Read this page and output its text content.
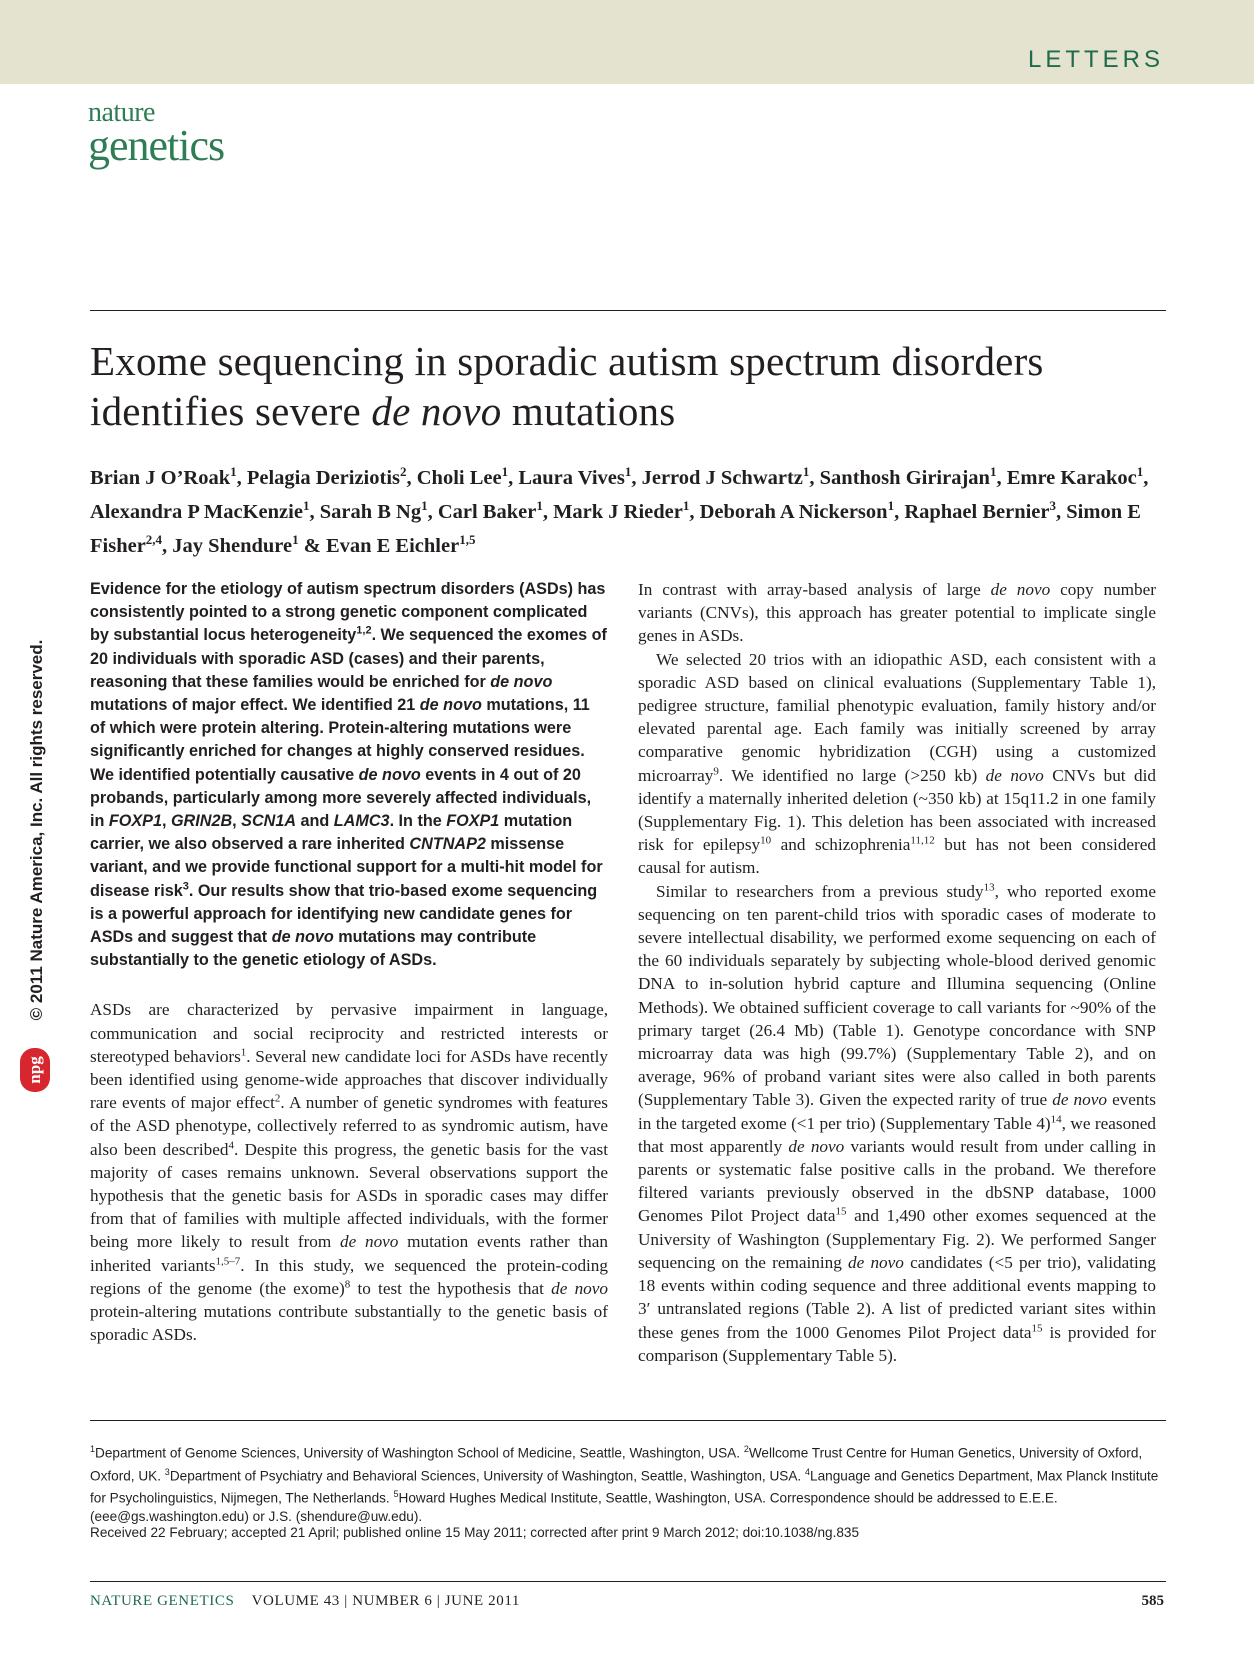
LETTERS
nature
genetics
Exome sequencing in sporadic autism spectrum disorders
identifies severe de novo mutations

Brian J O’Roak$^1$, Pelagia Deriziotis$^2$, Choli Lee$^1$, Laura Vives$^1$, Jerrod J Schwartz$^1$, Santhosh Girirajan$^1$, Emre Karakoc$^1$, Alexandra P MacKenzie$^1$, Sarah B Ng$^1$, Carl Baker$^1$, Mark J Rieder$^1$, Deborah A Nickerson$^1$, Raphael Bernier$^3$, Simon E Fisher$^{2,4}$, Jay Shendure$^1$ & Evan E Eichler$^{1,5}$

© 2011 Nature America, Inc. All rights reserved.
npg

Evidence for the etiology of autism spectrum disorders (ASDs) has consistently pointed to a strong genetic component complicated by substantial locus heterogeneity$^{1,2}$. We sequenced the exomes of 20 individuals with sporadic ASD (cases) and their parents, reasoning that these families would be enriched for de novo mutations of major effect. We identified 21 de novo mutations, 11 of which were protein altering. Protein-altering mutations were significantly enriched for changes at highly conserved residues. We identified potentially causative de novo events in 4 out of 20 probands, particularly among more severely affected individuals, in FOXP1, GRIN2B, SCN1A and LAMC3. In the FOXP1 mutation carrier, we also observed a rare inherited CNTNAP2 missense variant, and we provide functional support for a multi-hit model for disease risk$^3$. Our results show that trio-based exome sequencing is a powerful approach for identifying new candidate genes for ASDs and suggest that de novo mutations may contribute substantially to the genetic etiology of ASDs.

ASDs are characterized by pervasive impairment in language, communication and social reciprocity and restricted interests or stereotyped behaviors$^1$. Several new candidate loci for ASDs have recently been identified using genome-wide approaches that discover individually rare events of major effect$^2$. A number of genetic syndromes with features of the ASD phenotype, collectively referred to as syndromic autism, have also been described$^4$. Despite this progress, the genetic basis for the vast majority of cases remains unknown. Several observations support the hypothesis that the genetic basis for ASDs in sporadic cases may differ from that of families with multiple affected individuals, with the former being more likely to result from de novo mutation events rather than inherited variants$^{1,5-7}$. In this study, we sequenced the protein-coding regions of the genome (the exome)$^8$ to test the hypothesis that de novo protein-altering mutations contribute substantially to the genetic basis of sporadic ASDs.

In contrast with array-based analysis of large de novo copy number variants (CNVs), this approach has greater potential to implicate single genes in ASDs.

We selected 20 trios with an idiopathic ASD, each consistent with a sporadic ASD based on clinical evaluations (Supplementary Table 1), pedigree structure, familial phenotypic evaluation, family history and/or elevated parental age. Each family was initially screened by array comparative genomic hybridization (CGH) using a customized microarray$^9$. We identified no large (>250 kb) de novo CNVs but did identify a maternally inherited deletion (~350 kb) at 15q11.2 in one family (Supplementary Fig. 1). This deletion has been associated with increased risk for epilepsy$^{10}$ and schizophrenia$^{11,12}$ but has not been considered causal for autism.

Similar to researchers from a previous study$^{13}$, who reported exome sequencing on ten parent-child trios with sporadic cases of moderate to severe intellectual disability, we performed exome sequencing on each of the 60 individuals separately by subjecting whole-blood derived genomic DNA to in-solution hybrid capture and Illumina sequencing (Online Methods). We obtained sufficient coverage to call variants for ~90% of the primary target (26.4 Mb) (Table 1). Genotype concordance with SNP microarray data was high (99.7%) (Supplementary Table 2), and on average, 96% of proband variant sites were also called in both parents (Supplementary Table 3). Given the expected rarity of true de novo events in the targeted exome (<1 per trio) (Supplementary Table 4)$^{14}$, we reasoned that most apparently de novo variants would result from under calling in parents or systematic false positive calls in the proband. We therefore filtered variants previously observed in the dbSNP database, 1000 Genomes Pilot Project data$^{15}$ and 1,490 other exomes sequenced at the University of Washington (Supplementary Fig. 2). We performed Sanger sequencing on the remaining de novo candidates (<5 per trio), validating 18 events within coding sequence and three additional events mapping to 3′ untranslated regions (Table 2). A list of predicted variant sites within these genes from the 1000 Genomes Pilot Project data$^{15}$ is provided for comparison (Supplementary Table 5).

$^1$Department of Genome Sciences, University of Washington School of Medicine, Seattle, Washington, USA. $^2$Wellcome Trust Centre for Human Genetics, University of Oxford, Oxford, UK. $^3$Department of Psychiatry and Behavioral Sciences, University of Washington, Seattle, Washington, USA. $^4$Language and Genetics Department, Max Planck Institute for Psycholinguistics, Nijmegen, The Netherlands. $^5$Howard Hughes Medical Institute, Seattle, Washington, USA. Correspondence should be addressed to E.E.E. (eee@gs.washington.edu) or J.S. (shendure@uw.edu).

Received 22 February; accepted 21 April; published online 15 May 2011; corrected after print 9 March 2012; doi:10.1038/ng.835

NATURE GENETICS VOLUME 43 | NUMBER 6 | JUNE 2011	585
